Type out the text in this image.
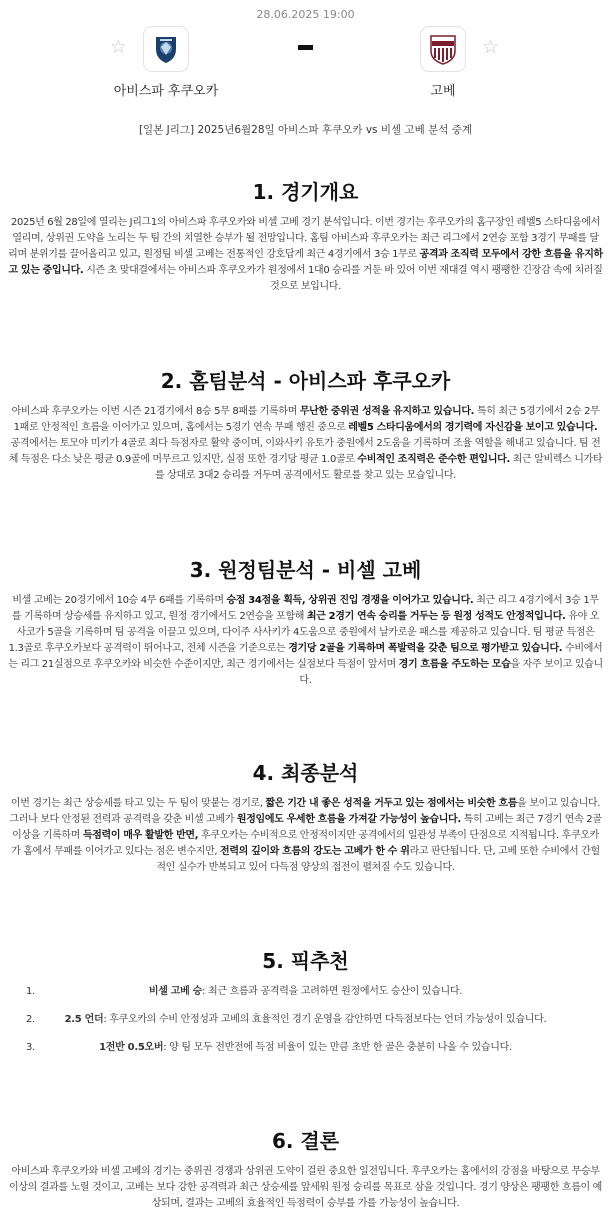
28.06.2025 19:00
☆
아비스파 후쿠오카	고베
☆
[일본 J리그] 2025년6월28일 아비스파 후쿠오카 vs 비셀 고베 분석 중계
1. 경기개요

2025년 6월 28일에 열리는 J리그1의 아비스파 후쿠오카와 비셀 고베 경기 분석입니다. 이번 경기는 후쿠오카의 홈구장인 레벨5 스타디움에서 열리며, 상위권 도약을 노리는 두 팀 간의 치열한 승부가 될 전망입니다. 홈팀 아비스파 후쿠오카는 최근 리그에서 2연승 포함 3경기 무패를 달리며 분위기를 끌어올리고 있고, 원정팀 비셀 고베는 전통적인 강호답게 최근 4경기에서 3승 1무로 공격과 조직력 모두에서 강한 흐름을 유지하고 있는 중입니다. 시즌 초 맞대결에서는 아비스파 후쿠오카가 원정에서 1대0 승리를 거둔 바 있어 이번 재대결 역시 팽팽한 긴장감 속에 치러질 것으로 보입니다.

2. 홈팀분석 - 아비스파 후쿠오카

아비스파 후쿠오카는 이번 시즌 21경기에서 8승 5무 8패를 기록하며 무난한 중위권 성적을 유지하고 있습니다. 특히 최근 5경기에서 2승 2무 1패로 안정적인 흐름을 이어가고 있으며, 홈에서는 5경기 연속 무패 행진 중으로 레벨5 스타디움에서의 경기력에 자신감을 보이고 있습니다. 공격에서는 토모야 미키가 4골로 최다 득점자로 활약 중이며, 이와사키 유토가 중원에서 2도움을 기록하며 조율 역할을 해내고 있습니다. 팀 전체 득점은 다소 낮은 평균 0.9골에 머무르고 있지만, 실점 또한 경기당 평균 1.0골로 수비적인 조직력은 준수한 편입니다. 최근 알비렉스 니가타를 상대로 3대2 승리를 거두며 공격에서도 활로를 찾고 있는 모습입니다.

3. 원정팀분석 - 비셀 고베

비셀 고베는 20경기에서 10승 4무 6패를 기록하며 승점 34점을 획득, 상위권 진입 경쟁을 이어가고 있습니다. 최근 리그 4경기에서 3승 1무를 기록하며 상승세를 유지하고 있고, 원정 경기에서도 2연승을 포함해 최근 2경기 연속 승리를 거두는 등 원정 성적도 안정적입니다. 유야 오사코가 5골을 기록하며 팀 공격을 이끌고 있으며, 다이주 사사키가 4도움으로 중원에서 날카로운 패스를 제공하고 있습니다. 팀 평균 득점은 1.3골로 후쿠오카보다 공격력이 뛰어나고, 전체 시즌을 기준으로는 경기당 2골을 기록하며 폭발력을 갖춘 팀으로 평가받고 있습니다. 수비에서는 리그 21실점으로 후쿠오카와 비슷한 수준이지만, 최근 경기에서는 실점보다 득점이 앞서며 경기 흐름을 주도하는 모습을 자주 보이고 있습니다.

4. 최종분석

이번 경기는 최근 상승세를 타고 있는 두 팀이 맞붙는 경기로, 짧은 기간 내 좋은 성적을 거두고 있는 점에서는 비슷한 흐름을 보이고 있습니다. 그러나 보다 안정된 전력과 공격력을 갖춘 비셀 고베가 원정임에도 우세한 흐름을 가져갈 가능성이 높습니다. 특히 고베는 최근 7경기 연속 2골 이상을 기록하며 득점력이 매우 활발한 반면, 후쿠오카는 수비적으로 안정적이지만 공격에서의 일관성 부족이 단점으로 지적됩니다. 후쿠오카가 홈에서 무패를 이어가고 있다는 점은 변수지만, 전력의 깊이와 흐름의 강도는 고베가 한 수 위라고 판단됩니다. 단, 고베 또한 수비에서 간헐적인 실수가 반복되고 있어 다득점 양상의 접전이 펼쳐질 수도 있습니다.

5. 픽추천
1.	비셀 고베 승: 최근 흐름과 공격력을 고려하면 원정에서도 승산이 있습니다.
2.	2.5 언더: 후쿠오카의 수비 안정성과 고베의 효율적인 경기 운영을 감안하면 다득점보다는 언더 가능성이 있습니다.
3.	1전반 0.5오버: 양 팀 모두 전반전에 득점 비율이 있는 만큼 초반 한 골은 충분히 나올 수 있습니다.
6. 결론

아비스파 후쿠오카와 비셀 고베의 경기는 중위권 경쟁과 상위권 도약이 걸린 중요한 일전입니다. 후쿠오카는 홈에서의 강점을 바탕으로 무승부 이상의 결과를 노릴 것이고, 고베는 보다 강한 공격력과 최근 상승세를 앞세워 원정 승리를 목표로 삼을 것입니다. 경기 양상은 팽팽한 흐름이 예상되며, 결과는 고베의 효율적인 득점력이 승부를 가를 가능성이 높습니다.
